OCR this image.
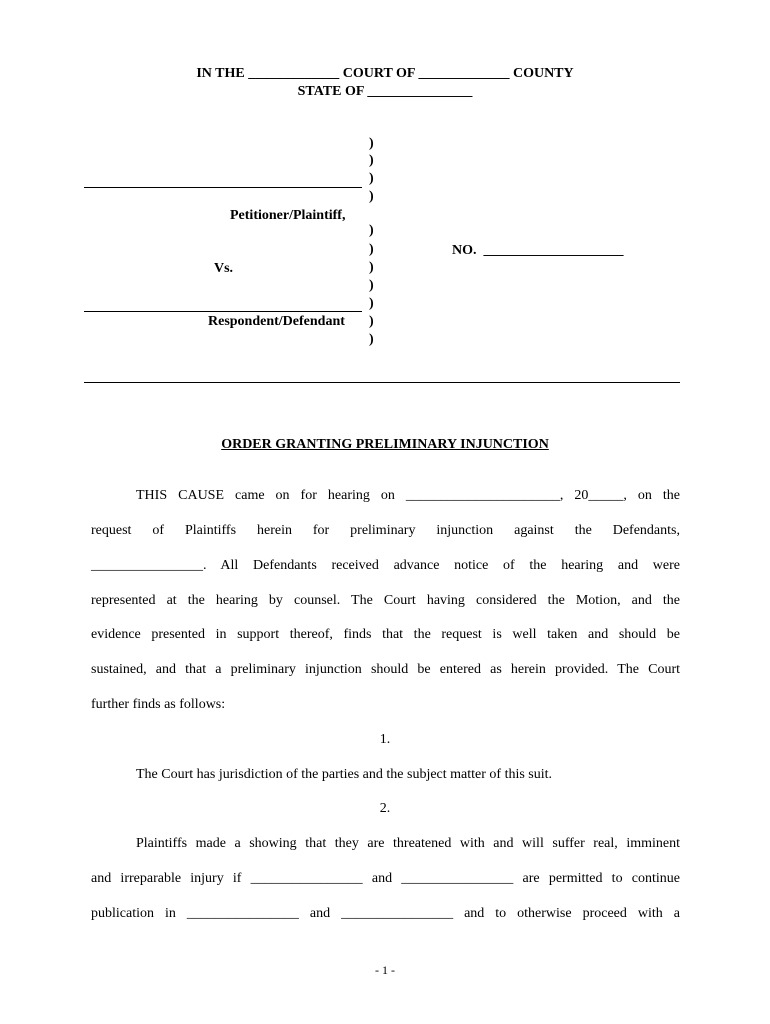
IN THE _____________ COURT OF _____________ COUNTY
STATE OF _______________
)
)
)
)
)
)
)
)
)
)
)
Petitioner/Plaintiff,
Vs.
Respondent/Defendant
NO.  ____________________
ORDER GRANTING PRELIMINARY INJUNCTION
THIS CAUSE came on for hearing on ______________________, 20_____, on the
request of Plaintiffs herein for preliminary injunction against the Defendants,
________________. All Defendants received advance notice of the hearing and were
represented at the hearing by counsel. The Court having considered the Motion, and the
evidence presented in support thereof, finds that the request is well taken and should be
sustained, and that a preliminary injunction should be entered as herein provided. The Court
further finds as follows:
1.
The Court has jurisdiction of the parties and the subject matter of this suit.
2.
Plaintiffs made a showing that they are threatened with and will suffer real, imminent
and irreparable injury if ________________ and ________________ are permitted to continue
publication in ________________ and ________________ and to otherwise proceed with a
- 1 -
